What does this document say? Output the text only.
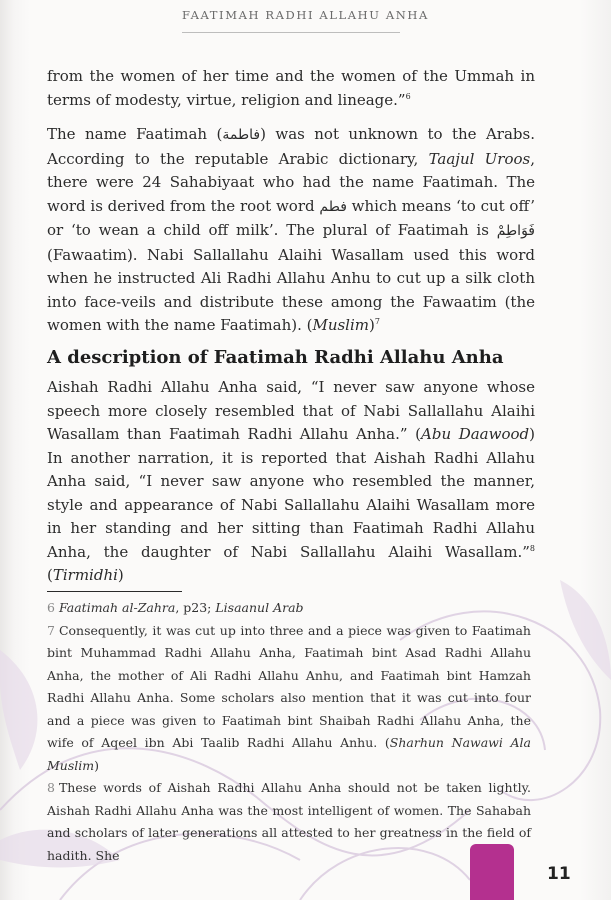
FAATIMAH RADHI ALLAHU ANHA

from the women of her time and the women of the Ummah in terms of modesty, virtue, religion and lineage.”$^6$

The name Faatimah (فاطمة) was not unknown to the Arabs. According to the reputable Arabic dictionary, Taajul Uroos, there were 24 Sahabiyaat who had the name Faatimah. The word is derived from the root word فطم which means ‘to cut off’ or ‘to wean a child off milk’. The plural of Faatimah is فَوَاطِمْ (Fawaatim). Nabi Sallallahu Alaihi Wasallam used this word when he instructed Ali Radhi Allahu Anhu to cut up a silk cloth into face-veils and distribute these among the Fawaatim (the women with the name Faatimah). $(Muslim)^7$

A description of Faatimah Radhi Allahu Anha

Aishah Radhi Allahu Anha said, “I never saw anyone whose speech more closely resembled that of Nabi Sallallahu Alaihi Wasallam than Faatimah Radhi Allahu Anha.” (Abu Daawood) In another narration, it is reported that Aishah Radhi Allahu Anha said, “I never saw anyone who resembled the manner, style and appearance of Nabi Sallallahu Alaihi Wasallam more in her standing and her sitting than Faatimah Radhi Allahu Anha, the daughter of Nabi Sallallahu Alaihi Wasallam.”$^8$ (Tirmidhi)

6 Faatimah al-Zahra, p23; Lisaanul Arab

7 Consequently, it was cut up into three and a piece was given to Faatimah bint Muhammad Radhi Allahu Anha, Faatimah bint Asad Radhi Allahu Anha, the mother of Ali Radhi Allahu Anhu, and Faatimah bint Hamzah Radhi Allahu Anha. Some scholars also mention that it was cut into four and a piece was given to Faatimah bint Shaibah Radhi Allahu Anha, the wife of Aqeel ibn Abi Taalib Radhi Allahu Anhu. (Sharhun Nawawi Ala Muslim)

8 These words of Aishah Radhi Allahu Anha should not be taken lightly. Aishah Radhi Allahu Anha was the most intelligent of women. The Sahabah and scholars of later generations all attested to her greatness in the field of hadith. She

11
